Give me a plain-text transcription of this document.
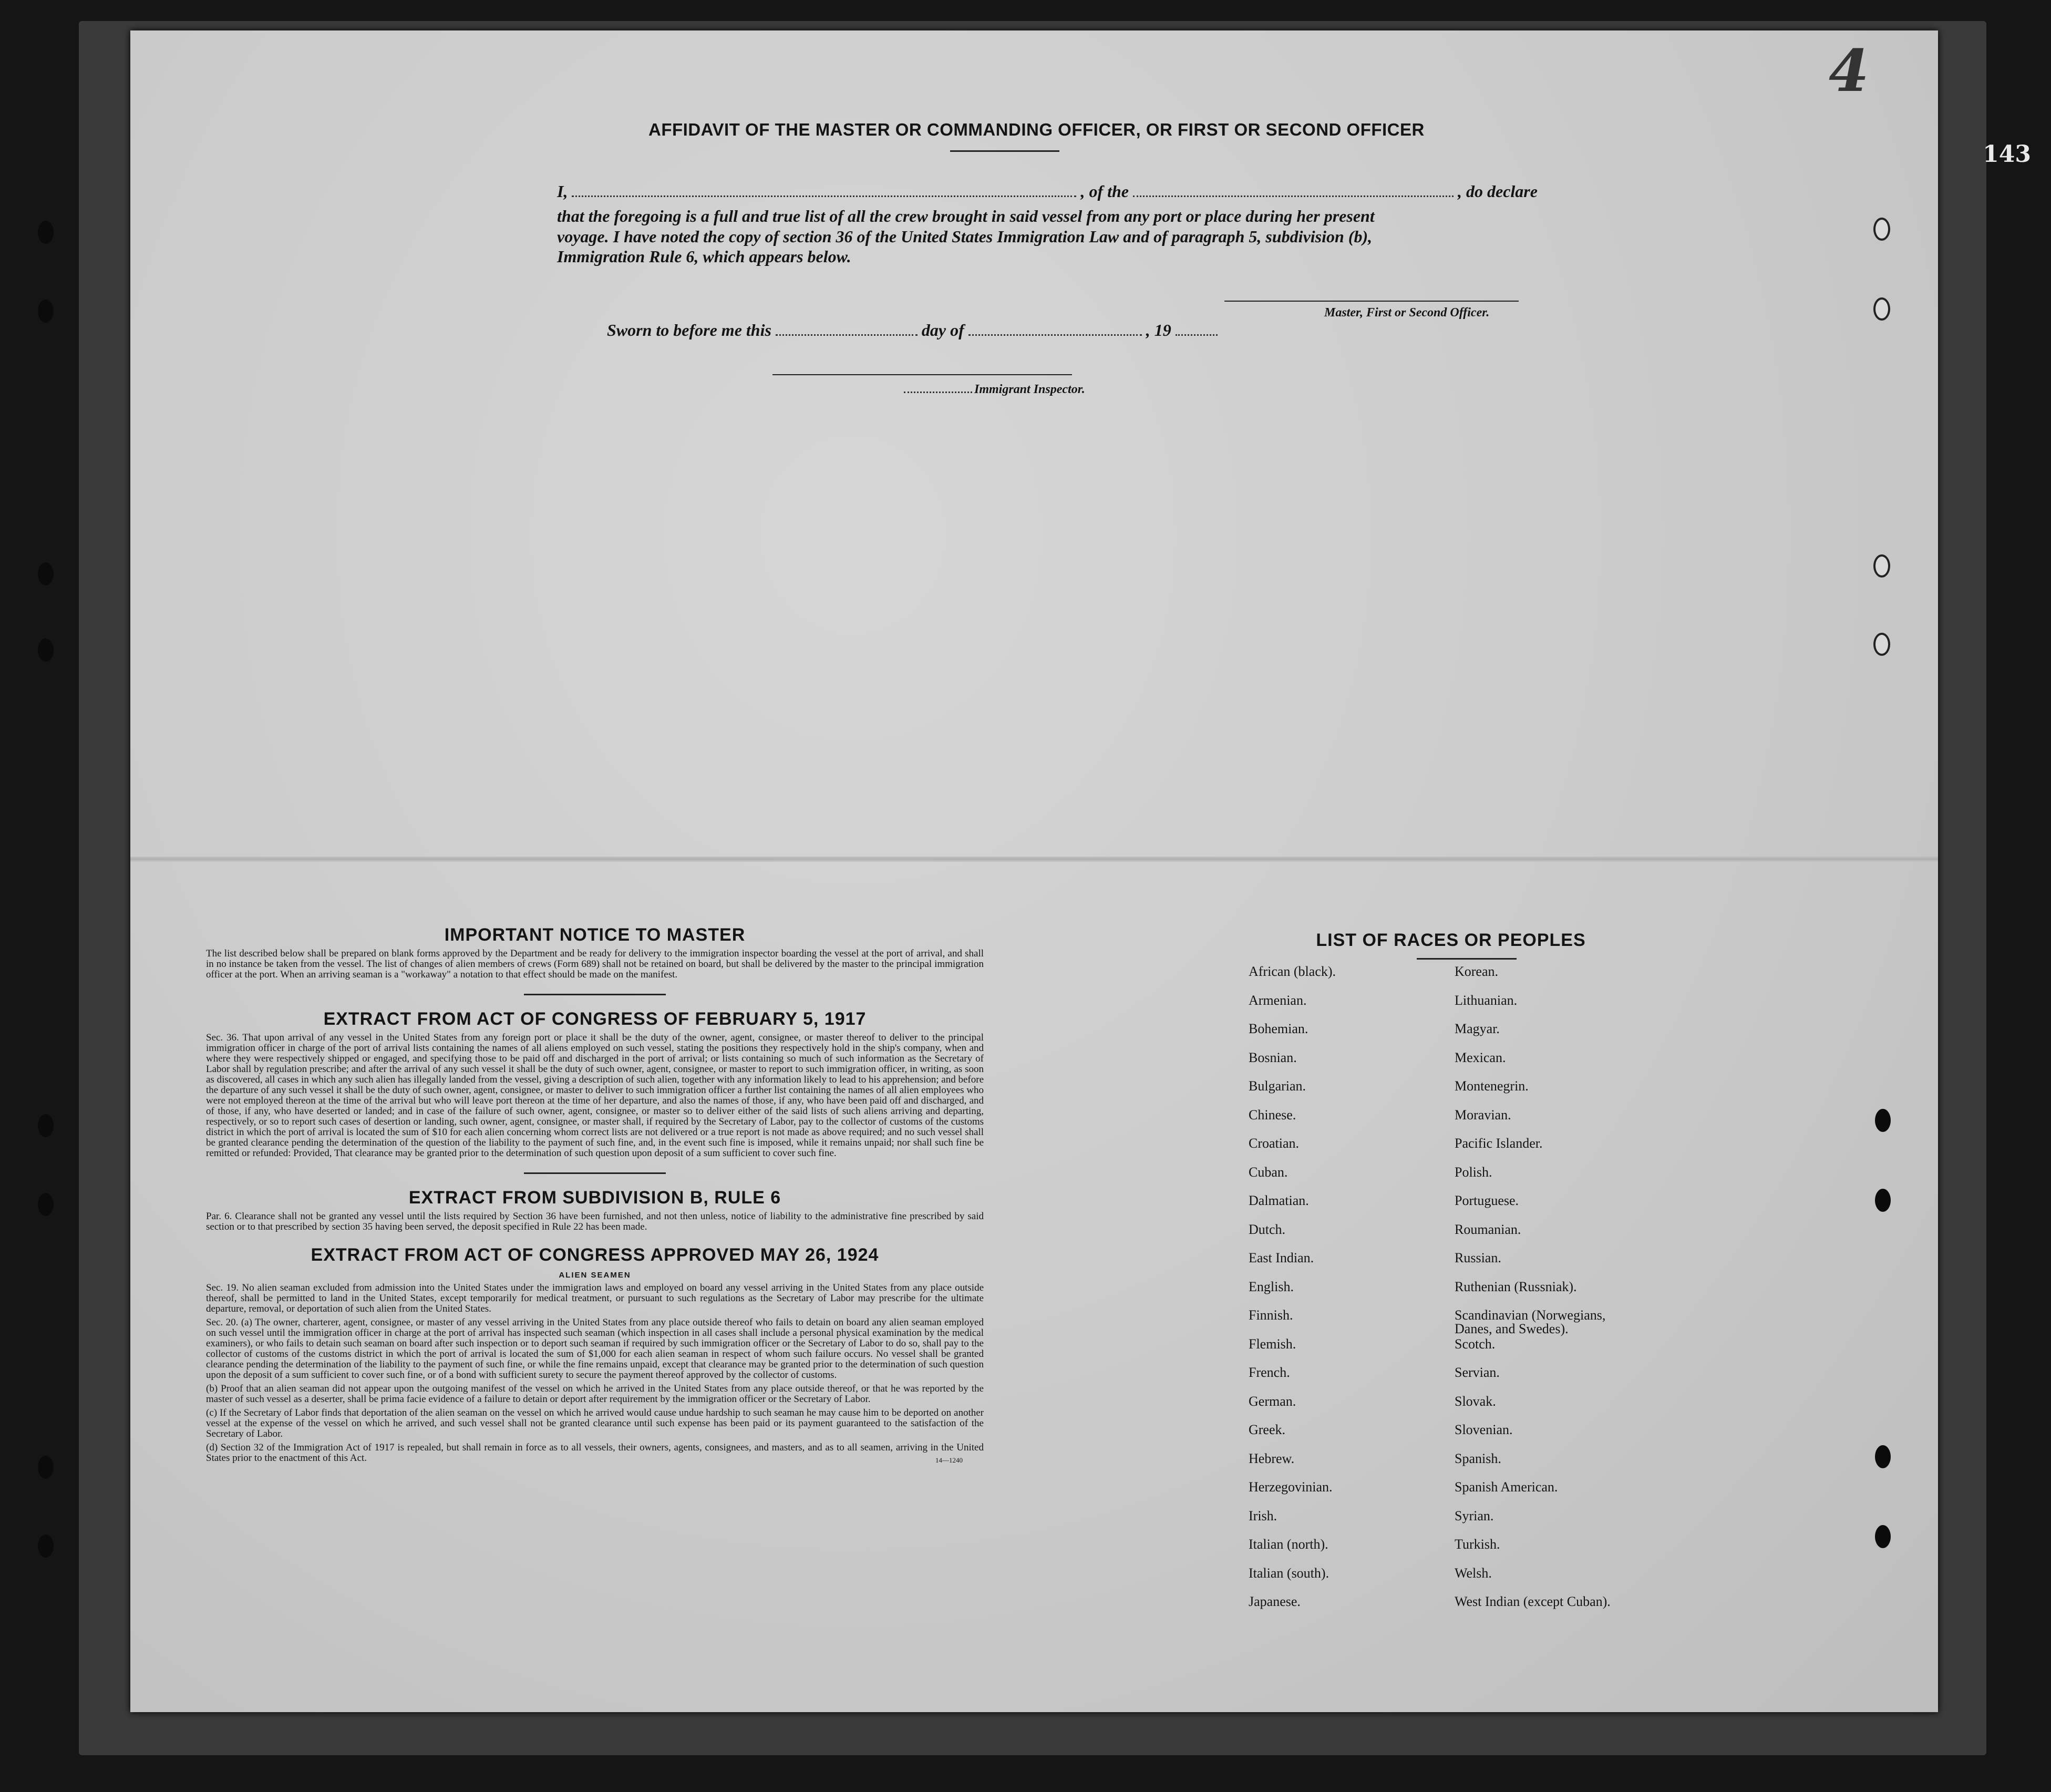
143
4
AFFIDAVIT OF THE MASTER OR COMMANDING OFFICER, OR FIRST OR SECOND OFFICER
I,	, of the	, do declare
that the foregoing is a full and true list of all the crew brought in said vessel from any port or place during her present
voyage. I have noted the copy of section 36 of the United States Immigration Law and of paragraph 5, subdivision (b),
Immigration Rule 6, which appears below.
Master, First or Second Officer.
Sworn to before me this	day of	, 19
Immigrant Inspector.
IMPORTANT NOTICE TO MASTER

The list described below shall be prepared on blank forms approved by the Department and be ready for delivery to the immigration inspector boarding the vessel at the port of arrival, and shall in no instance be taken from the vessel. The list of changes of alien members of crews (Form 689) shall not be retained on board, but shall be delivered by the master to the principal immigration officer at the port. When an arriving seaman is a "workaway" a notation to that effect should be made on the manifest.

EXTRACT FROM ACT OF CONGRESS OF FEBRUARY 5, 1917

Sec. 36. That upon arrival of any vessel in the United States from any foreign port or place it shall be the duty of the owner, agent, consignee, or master thereof to deliver to the principal immigration officer in charge of the port of arrival lists containing the names of all aliens employed on such vessel, stating the positions they respectively hold in the ship's company, when and where they were respectively shipped or engaged, and specifying those to be paid off and discharged in the port of arrival; or lists containing so much of such information as the Secretary of Labor shall by regulation prescribe; and after the arrival of any such vessel it shall be the duty of such owner, agent, consignee, or master to report to such immigration officer, in writing, as soon as discovered, all cases in which any such alien has illegally landed from the vessel, giving a description of such alien, together with any information likely to lead to his apprehension; and before the departure of any such vessel it shall be the duty of such owner, agent, consignee, or master to deliver to such immigration officer a further list containing the names of all alien employees who were not employed thereon at the time of the arrival but who will leave port thereon at the time of her departure, and also the names of those, if any, who have been paid off and discharged, and of those, if any, who have deserted or landed; and in case of the failure of such owner, agent, consignee, or master so to deliver either of the said lists of such aliens arriving and departing, respectively, or so to report such cases of desertion or landing, such owner, agent, consignee, or master shall, if required by the Secretary of Labor, pay to the collector of customs of the customs district in which the port of arrival is located the sum of $10 for each alien concerning whom correct lists are not delivered or a true report is not made as above required; and no such vessel shall be granted clearance pending the determination of the question of the liability to the payment of such fine, and, in the event such fine is imposed, while it remains unpaid; nor shall such fine be remitted or refunded: Provided, That clearance may be granted prior to the determination of such question upon deposit of a sum sufficient to cover such fine.

EXTRACT FROM SUBDIVISION B, RULE 6

Par. 6. Clearance shall not be granted any vessel until the lists required by Section 36 have been furnished, and not then unless, notice of liability to the administrative fine prescribed by said section or to that prescribed by section 35 having been served, the deposit specified in Rule 22 has been made.

EXTRACT FROM ACT OF CONGRESS APPROVED MAY 26, 1924
ALIEN SEAMEN

Sec. 19. No alien seaman excluded from admission into the United States under the immigration laws and employed on board any vessel arriving in the United States from any place outside thereof, shall be permitted to land in the United States, except temporarily for medical treatment, or pursuant to such regulations as the Secretary of Labor may prescribe for the ultimate departure, removal, or deportation of such alien from the United States.

Sec. 20. (a) The owner, charterer, agent, consignee, or master of any vessel arriving in the United States from any place outside thereof who fails to detain on board any alien seaman employed on such vessel until the immigration officer in charge at the port of arrival has inspected such seaman (which inspection in all cases shall include a personal physical examination by the medical examiners), or who fails to detain such seaman on board after such inspection or to deport such seaman if required by such immigration officer or the Secretary of Labor to do so, shall pay to the collector of customs of the customs district in which the port of arrival is located the sum of $1,000 for each alien seaman in respect of whom such failure occurs. No vessel shall be granted clearance pending the determination of the liability to the payment of such fine, or while the fine remains unpaid, except that clearance may be granted prior to the determination of such question upon the deposit of a sum sufficient to cover such fine, or of a bond with sufficient surety to secure the payment thereof approved by the collector of customs.

(b) Proof that an alien seaman did not appear upon the outgoing manifest of the vessel on which he arrived in the United States from any place outside thereof, or that he was reported by the master of such vessel as a deserter, shall be prima facie evidence of a failure to detain or deport after requirement by the immigration officer or the Secretary of Labor.

(c) If the Secretary of Labor finds that deportation of the alien seaman on the vessel on which he arrived would cause undue hardship to such seaman he may cause him to be deported on another vessel at the expense of the vessel on which he arrived, and such vessel shall not be granted clearance until such expense has been paid or its payment guaranteed to the satisfaction of the Secretary of Labor.

(d) Section 32 of the Immigration Act of 1917 is repealed, but shall remain in force as to all vessels, their owners, agents, consignees, and masters, and as to all seamen, arriving in the United States prior to the enactment of this Act.	14—1240
LIST OF RACES OR PEOPLES
African (black).	Korean.
Armenian.	Lithuanian.
Bohemian.	Magyar.
Bosnian.	Mexican.
Bulgarian.	Montenegrin.
Chinese.	Moravian.
Croatian.	Pacific Islander.
Cuban.	Polish.
Dalmatian.	Portuguese.
Dutch.	Roumanian.
East Indian.	Russian.
English.	Ruthenian (Russniak).
Finnish.	Scandinavian (Norwegians,
Danes, and Swedes).
Flemish.	Scotch.
French.	Servian.
German.	Slovak.
Greek.	Slovenian.
Hebrew.	Spanish.
Herzegovinian.	Spanish American.
Irish.	Syrian.
Italian (north).	Turkish.
Italian (south).	Welsh.
Japanese.	West Indian (except Cuban).
